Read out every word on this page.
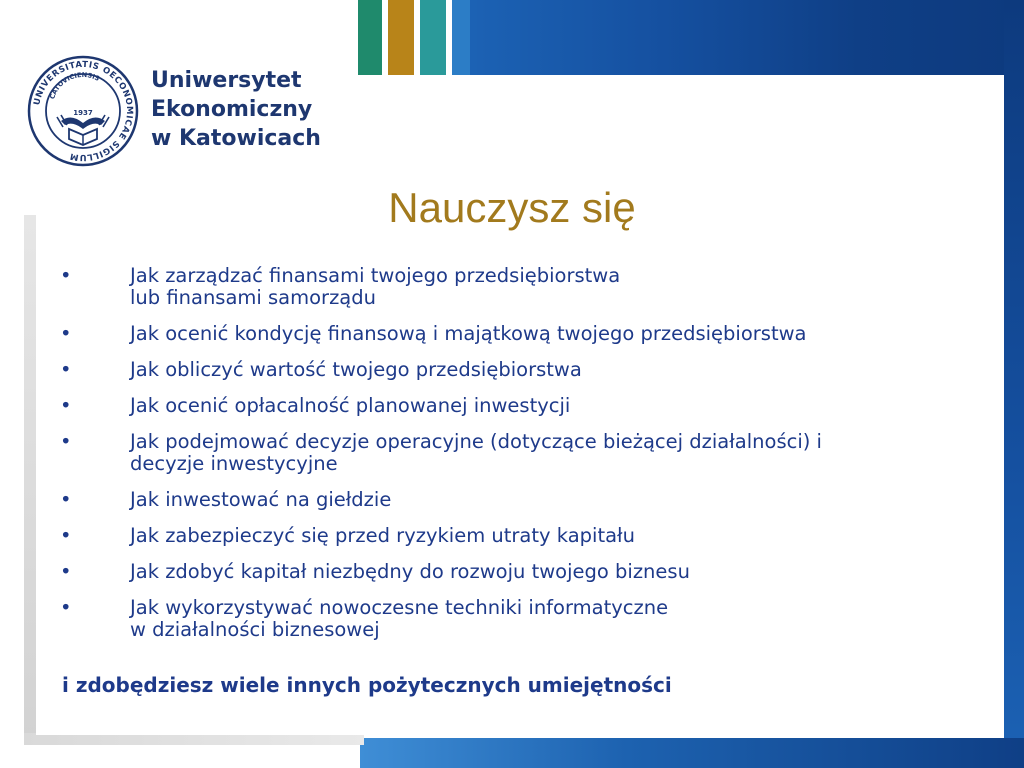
UNIVERSITATIS OECONOMICAE SIGILLUM
CATOVICIENSIS
1937
Uniwersytet
Ekonomiczny
w Katowicach
Nauczysz się
•	Jak zarządzać finansami twojego przedsiębiorstwa
lub finansami samorządu
•	Jak ocenić kondycję finansową i majątkową twojego przedsiębiorstwa
•	Jak obliczyć wartość twojego przedsiębiorstwa
•	Jak ocenić opłacalność planowanej inwestycji
•	Jak podejmować decyzje operacyjne (dotyczące bieżącej działalności) i
decyzje inwestycyjne
•	Jak inwestować na giełdzie
•	Jak zabezpieczyć się przed ryzykiem utraty kapitału
•	Jak zdobyć kapitał niezbędny do rozwoju twojego biznesu
•	Jak wykorzystywać nowoczesne techniki informatyczne
w działalności biznesowej
i zdobędziesz wiele innych pożytecznych umiejętności
